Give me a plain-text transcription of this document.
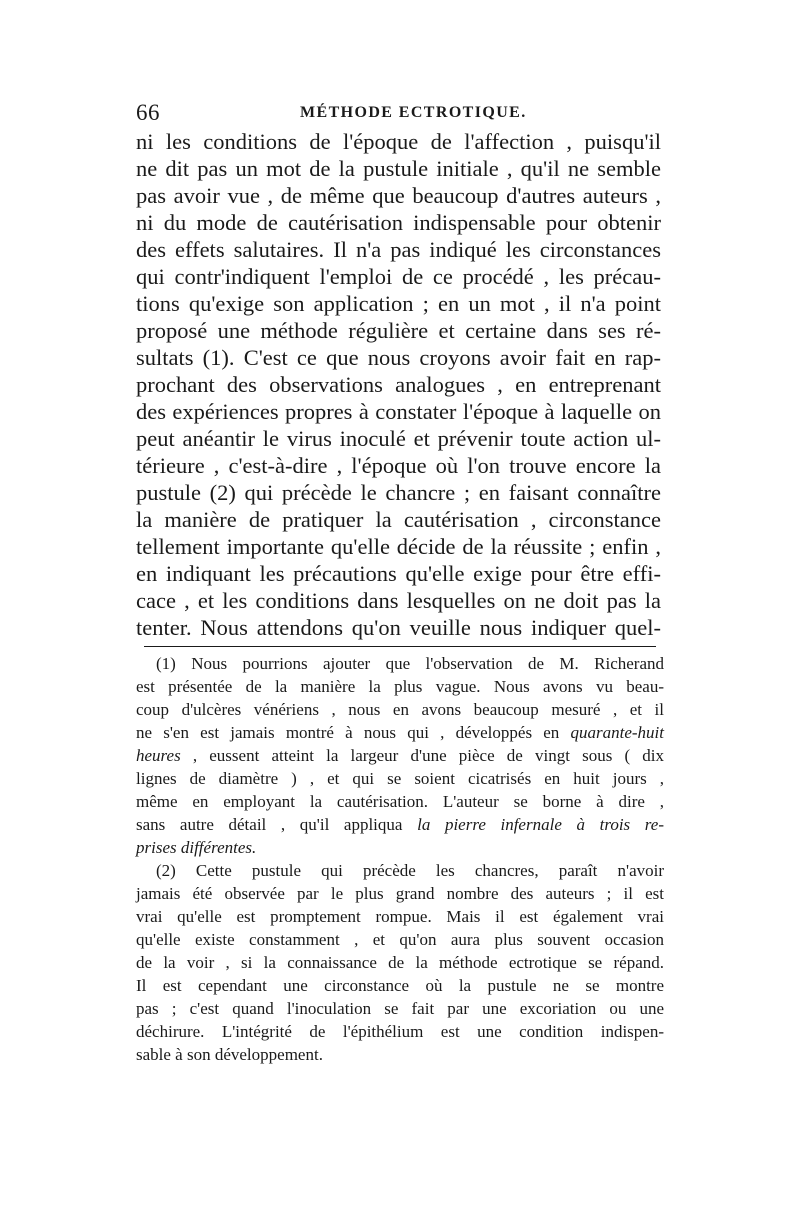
66	MÉTHODE ECTROTIQUE.
ni les conditions de l'époque de l'affection , puisqu'il
ne dit pas un mot de la pustule initiale , qu'il ne semble
pas avoir vue , de même que beaucoup d'autres auteurs ,
ni du mode de cautérisation indispensable pour obtenir
des effets salutaires. Il n'a pas indiqué les circonstances
qui contr'indiquent l'emploi de ce procédé , les précau-
tions qu'exige son application ; en un mot , il n'a point
proposé une méthode régulière et certaine dans ses ré-
sultats (1). C'est ce que nous croyons avoir fait en rap-
prochant des observations analogues , en entreprenant
des expériences propres à constater l'époque à laquelle on
peut anéantir le virus inoculé et prévenir toute action ul-
térieure , c'est-à-dire , l'époque où l'on trouve encore la
pustule (2) qui précède le chancre ; en faisant connaître
la manière de pratiquer la cautérisation , circonstance
tellement importante qu'elle décide de la réussite ; enfin ,
en indiquant les précautions qu'elle exige pour être effi-
cace , et les conditions dans lesquelles on ne doit pas la
tenter. Nous attendons qu'on veuille nous indiquer quel-
(1) Nous pourrions ajouter que l'observation de M. Richerand
est présentée de la manière la plus vague. Nous avons vu beau-
coup d'ulcères vénériens , nous en avons beaucoup mesuré , et il
ne s'en est jamais montré à nous qui , développés en quarante-huit
heures , eussent atteint la largeur d'une pièce de vingt sous ( dix
lignes de diamètre ) , et qui se soient cicatrisés en huit jours ,
même en employant la cautérisation. L'auteur se borne à dire ,
sans autre détail , qu'il appliqua la pierre infernale à trois re-
prises différentes.
(2) Cette pustule qui précède les chancres, paraît n'avoir
jamais été observée par le plus grand nombre des auteurs ; il est
vrai qu'elle est promptement rompue. Mais il est également vrai
qu'elle existe constamment , et qu'on aura plus souvent occasion
de la voir , si la connaissance de la méthode ectrotique se répand.
Il est cependant une circonstance où la pustule ne se montre
pas ; c'est quand l'inoculation se fait par une excoriation ou une
déchirure. L'intégrité de l'épithélium est une condition indispen-
sable à son développement.
